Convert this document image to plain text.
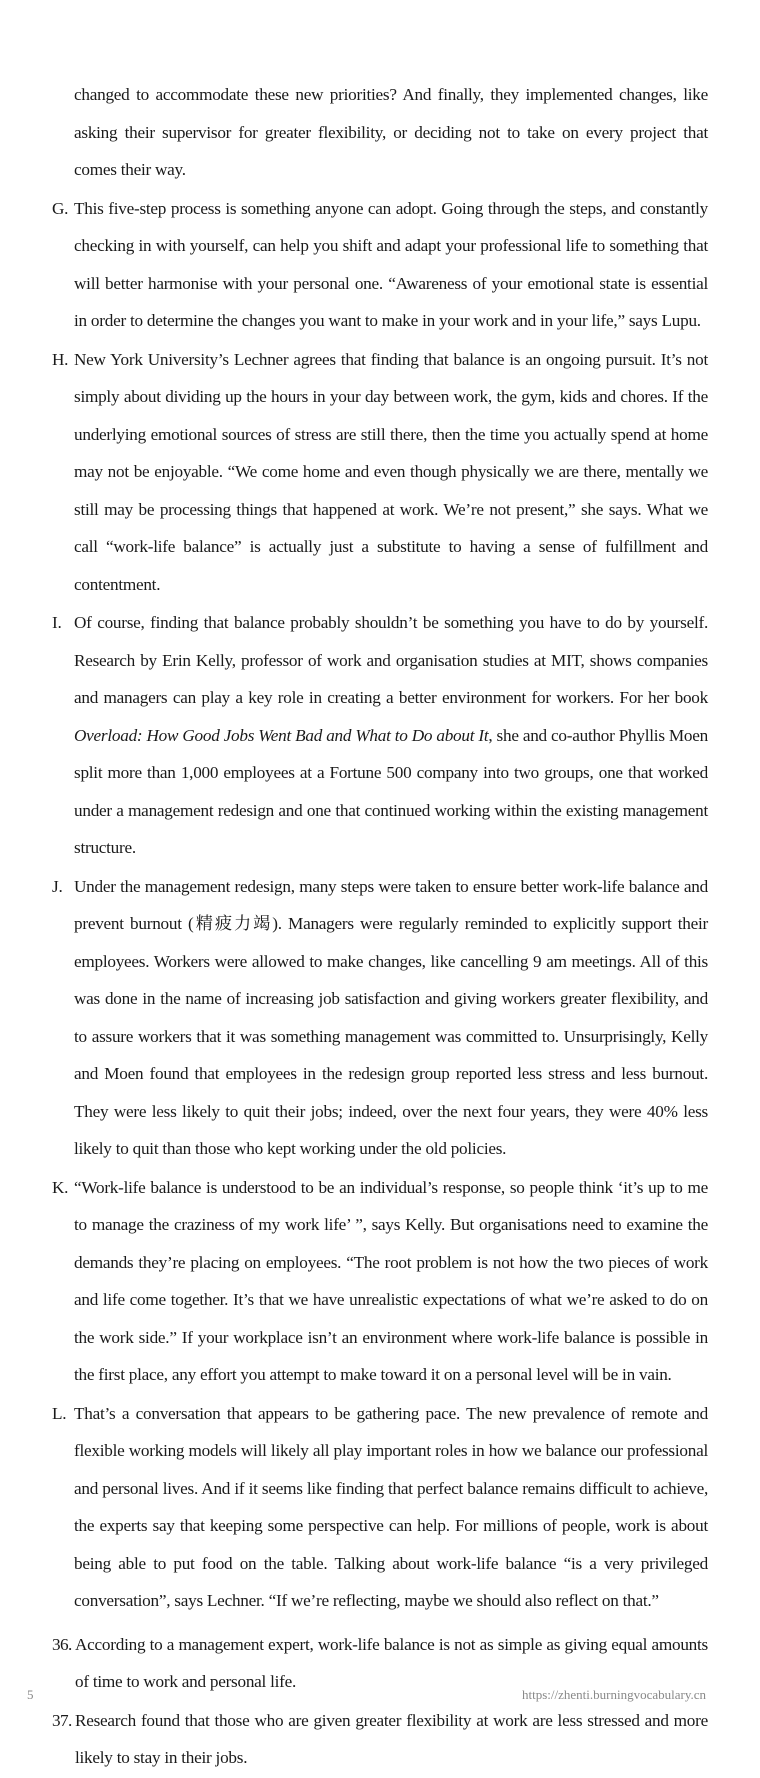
changed to accommodate these new priorities? And finally, they implemented changes, like asking their supervisor for greater flexibility, or deciding not to take on every project that comes their way.

G. This five-step process is something anyone can adopt. Going through the steps, and constantly checking in with yourself, can help you shift and adapt your professional life to something that will better harmonise with your personal one. “Awareness of your emotional state is essential in order to determine the changes you want to make in your work and in your life,” says Lupu.
H. New York University’s Lechner agrees that finding that balance is an ongoing pursuit. It’s not simply about dividing up the hours in your day between work, the gym, kids and chores. If the underlying emotional sources of stress are still there, then the time you actually spend at home may not be enjoyable. “We come home and even though physically we are there, mentally we still may be processing things that happened at work. We’re not present,” she says. What we call “work-life balance” is actually just a substitute to having a sense of fulfillment and contentment.
I. Of course, finding that balance probably shouldn’t be something you have to do by yourself. Research by Erin Kelly, professor of work and organisation studies at MIT, shows companies and managers can play a key role in creating a better environment for workers. For her book Overload: How Good Jobs Went Bad and What to Do about It, she and co-author Phyllis Moen split more than 1,000 employees at a Fortune 500 company into two groups, one that worked under a management redesign and one that continued working within the existing management structure.
J. Under the management redesign, many steps were taken to ensure better work-life balance and prevent burnout (精疲力竭). Managers were regularly reminded to explicitly support their employees. Workers were allowed to make changes, like cancelling 9 am meetings. All of this was done in the name of increasing job satisfaction and giving workers greater flexibility, and to assure workers that it was something management was committed to. Unsurprisingly, Kelly and Moen found that employees in the redesign group reported less stress and less burnout. They were less likely to quit their jobs; indeed, over the next four years, they were 40% less likely to quit than those who kept working under the old policies.
K. “Work-life balance is understood to be an individual’s response, so people think ‘it’s up to me to manage the craziness of my work life’ ”, says Kelly. But organisations need to examine the demands they’re placing on employees. “The root problem is not how the two pieces of work and life come together. It’s that we have unrealistic expectations of what we’re asked to do on the work side.” If your workplace isn’t an environment where work-life balance is possible in the first place, any effort you attempt to make toward it on a personal level will be in vain.
L. That’s a conversation that appears to be gathering pace. The new prevalence of remote and flexible working models will likely all play important roles in how we balance our professional and personal lives. And if it seems like finding that perfect balance remains difficult to achieve, the experts say that keeping some perspective can help. For millions of people, work is about being able to put food on the table. Talking about work-life balance “is a very privileged conversation”, says Lechner. “If we’re reflecting, maybe we should also reflect on that.”
36. According to a management expert, work-life balance is not as simple as giving equal amounts of time to work and personal life.
37. Research found that those who are given greater flexibility at work are less stressed and more likely to stay in their jobs.
5	https://zhenti.burningvocabulary.cn
